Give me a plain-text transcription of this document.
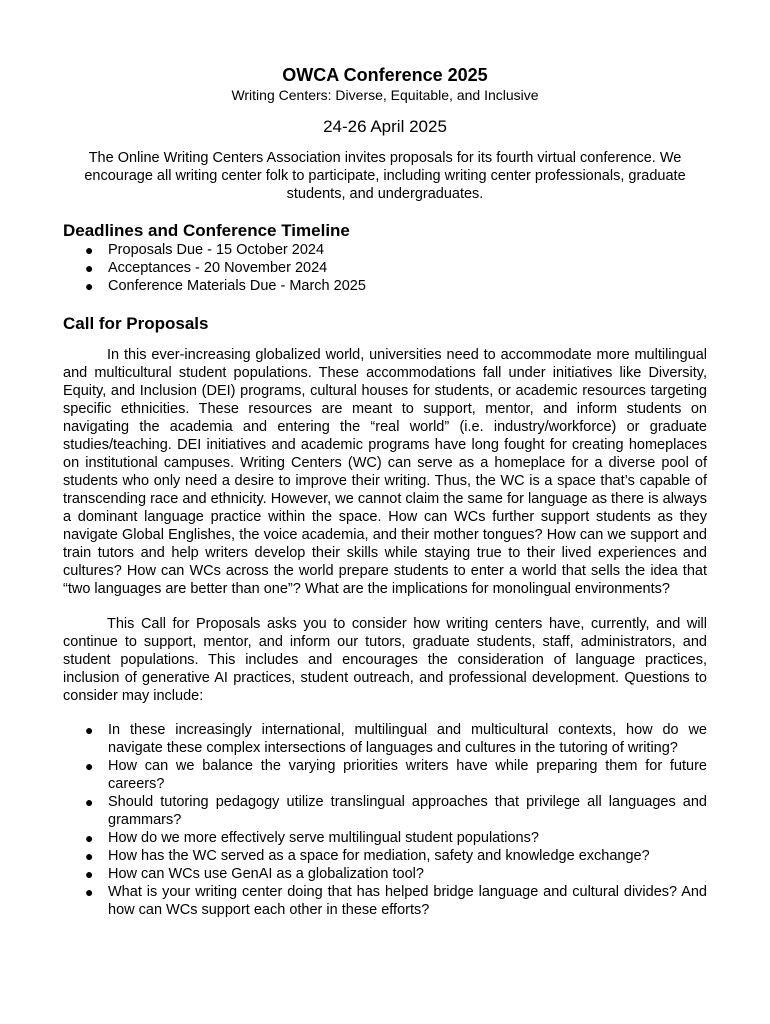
OWCA Conference 2025

Writing Centers: Diverse, Equitable, and Inclusive

24-26 April 2025

The Online Writing Centers Association invites proposals for its fourth virtual conference. We encourage all writing center folk to participate, including writing center professionals, graduate students, and undergraduates.

Deadlines and Conference Timeline
● Proposals Due - 15 October 2024
● Acceptances - 20 November 2024
● Conference Materials Due - March 2025
Call for Proposals

In this ever-increasing globalized world, universities need to accommodate more multilingual and multicultural student populations. These accommodations fall under initiatives like Diversity, Equity, and Inclusion (DEI) programs, cultural houses for students, or academic resources targeting specific ethnicities. These resources are meant to support, mentor, and inform students on navigating the academia and entering the “real world” (i.e. industry/workforce) or graduate studies/teaching. DEI initiatives and academic programs have long fought for creating homeplaces on institutional campuses. Writing Centers (WC) can serve as a homeplace for a diverse pool of students who only need a desire to improve their writing. Thus, the WC is a space that’s capable of transcending race and ethnicity. However, we cannot claim the same for language as there is always a dominant language practice within the space. How can WCs further support students as they navigate Global Englishes, the voice academia, and their mother tongues? How can we support and train tutors and help writers develop their skills while staying true to their lived experiences and cultures? How can WCs across the world prepare students to enter a world that sells the idea that “two languages are better than one”? What are the implications for monolingual environments?

This Call for Proposals asks you to consider how writing centers have, currently, and will continue to support, mentor, and inform our tutors, graduate students, staff, administrators, and student populations. This includes and encourages the consideration of language practices, inclusion of generative AI practices, student outreach, and professional development. Questions to consider may include:

● In these increasingly international, multilingual and multicultural contexts, how do we navigate these complex intersections of languages and cultures in the tutoring of writing?
● How can we balance the varying priorities writers have while preparing them for future careers?
● Should tutoring pedagogy utilize translingual approaches that privilege all languages and grammars?
● How do we more effectively serve multilingual student populations?
● How has the WC served as a space for mediation, safety and knowledge exchange?
● How can WCs use GenAI as a globalization tool?
● What is your writing center doing that has helped bridge language and cultural divides? And how can WCs support each other in these efforts?
